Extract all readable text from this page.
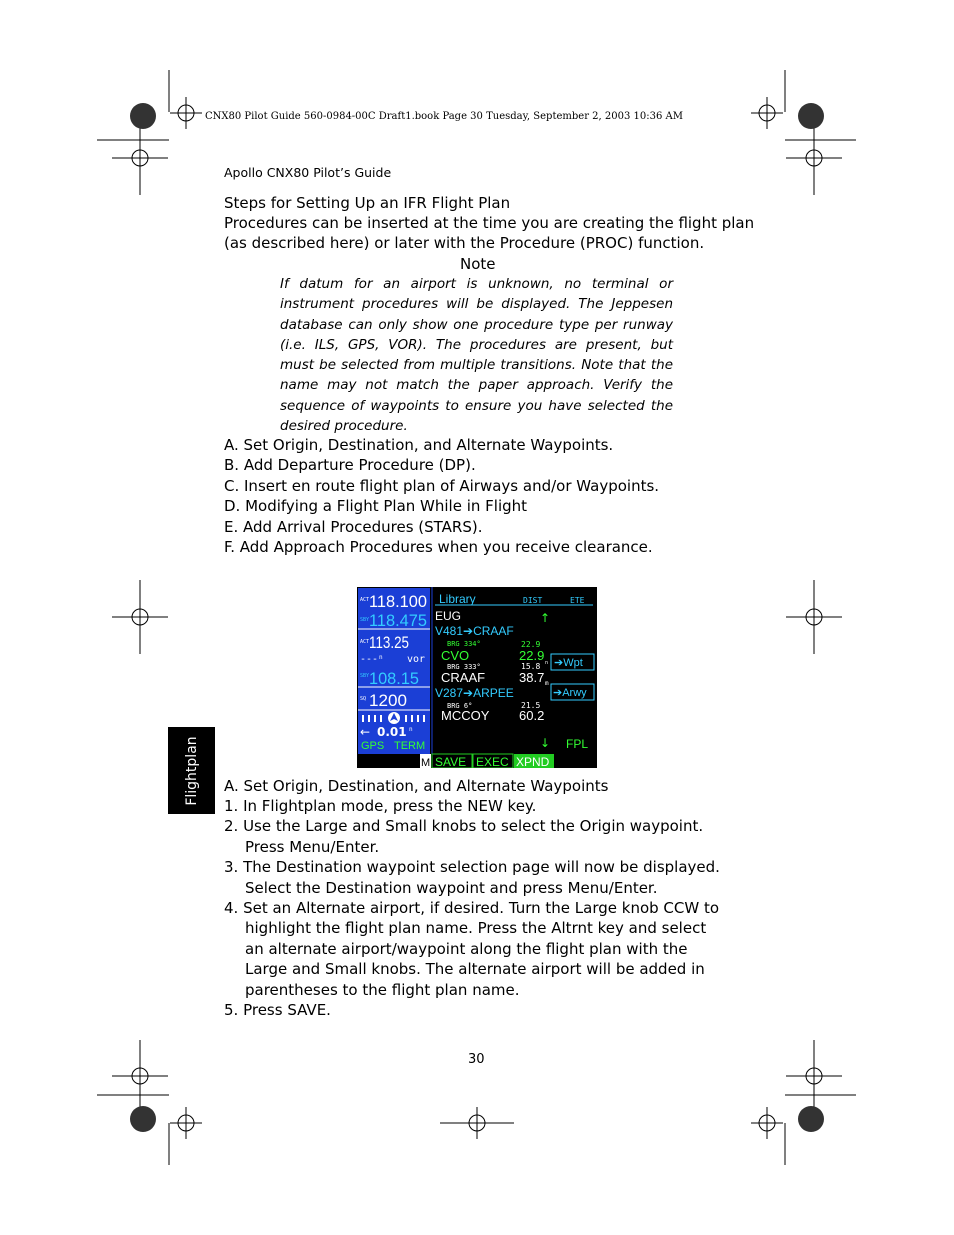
CNX80 Pilot Guide 560-0984-00C Draft1.book Page 30 Tuesday, September 2, 2003 10:36 AM
Apollo CNX80 Pilot’s Guide
Steps for Setting Up an IFR Flight Plan
Procedures can be inserted at the time you are creating the flight plan
(as described here) or later with the Procedure (PROC) function.
Note

If datum for an airport is unknown, no terminal or instrument procedures will be displayed. The Jeppesen database can only show one procedure type per runway (i.e. ILS, GPS, VOR). The procedures are present, but must be selected from multiple transitions. Note that the name may not match the paper approach. Verify the sequence of waypoints to ensure you have selected the desired procedure.

A. Set Origin, Destination, and Alternate Waypoints.
B. Add Departure Procedure (DP).
C. Insert en route flight plan of Airways and/or Waypoints.
D. Modifying a Flight Plan While in Flight
E. Add Arrival Procedures (STARS).
F. Add Approach Procedures when you receive clearance.
ACT 118.100
SBY 118.475
ACT 113.25
--- n vor
SBY 108.15
SQ 1200
← 0.01 n
GPS TERM
Library	DIST	ETE
EUG	↑
V481➔CRAAF
BRG 334°	22.9
CVO	22.9
BRG 333°	15.8
CRAAF	38.7
V287➔ARPEE
BRG 6°	21.5
MCCOY 60.2
n
m
➔Wpt
➔Arwy
↓ FPL
M SAVE EXEC XPND
Flightplan A. Set Origin, Destination, and Alternate Waypoints
1. In Flightplan mode, press the NEW key.
2. Use the Large and Small knobs to select the Origin waypoint. Press Menu/Enter.
3. The Destination waypoint selection page will now be displayed. Select the Destination waypoint and press Menu/Enter.
4. Set an Alternate airport, if desired. Turn the Large knob CCW to highlight the flight plan name. Press the Altrnt key and select an alternate airport/waypoint along the flight plan with the Large and Small knobs. The alternate airport will be added in parentheses to the flight plan name.
5. Press SAVE.
30
